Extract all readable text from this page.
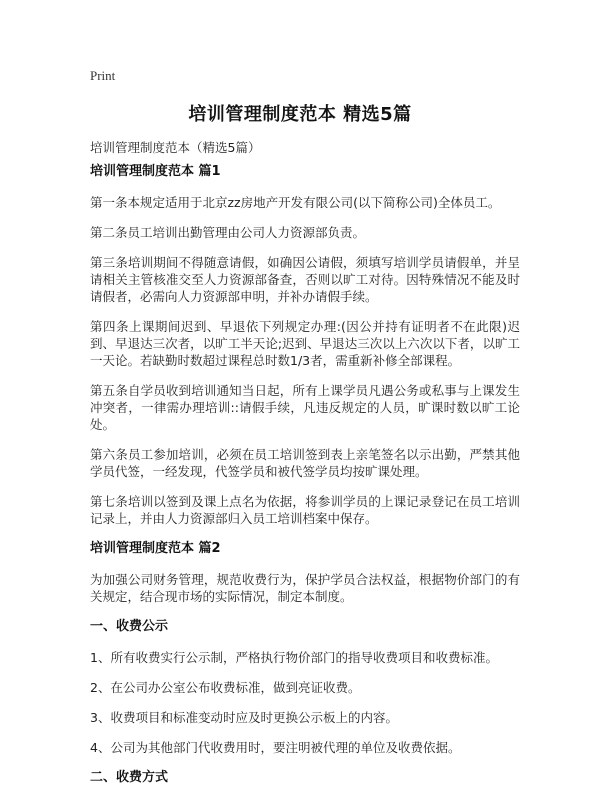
Print
培训管理制度范本 精选5篇
培训管理制度范本（精选5篇）
培训管理制度范本 篇1

第一条本规定适用于北京zz房地产开发有限公司(以下简称公司)全体员工。

第二条员工培训出勤管理由公司人力资源部负责。

第三条培训期间不得随意请假，如确因公请假，须填写培训学员请假单，并呈请相关主管核准交至人力资源部备查，否则以旷工对待。因特殊情况不能及时请假者，必需向人力资源部申明，并补办请假手续。

第四条上课期间迟到、早退依下列规定办理:(因公并持有证明者不在此限)迟到、早退达三次者，以旷工半天论;迟到、早退达三次以上六次以下者，以旷工一天论。若缺勤时数超过课程总时数1/3者，需重新补修全部课程。

第五条自学员收到培训通知当日起，所有上课学员凡遇公务或私事与上课发生冲突者，一律需办理培训::请假手续，凡违反规定的人员，旷课时数以旷工论处。

第六条员工参加培训，必须在员工培训签到表上亲笔签名以示出勤，严禁其他学员代签，一经发现，代签学员和被代签学员均按旷课处理。

第七条培训以签到及课上点名为依据，将参训学员的上课记录登记在员工培训记录上，并由人力资源部归入员工培训档案中保存。

培训管理制度范本 篇2

为加强公司财务管理，规范收费行为，保护学员合法权益，根据物价部门的有关规定，结合现市场的实际情况，制定本制度。

一、收费公示

1、所有收费实行公示制，严格执行物价部门的指导收费项目和收费标准。

2、在公司办公室公布收费标准，做到亮证收费。

3、收费项目和标准变动时应及时更换公示板上的内容。

4、公司为其他部门代收费用时，要注明被代理的单位及收费依据。

二、收费方式
